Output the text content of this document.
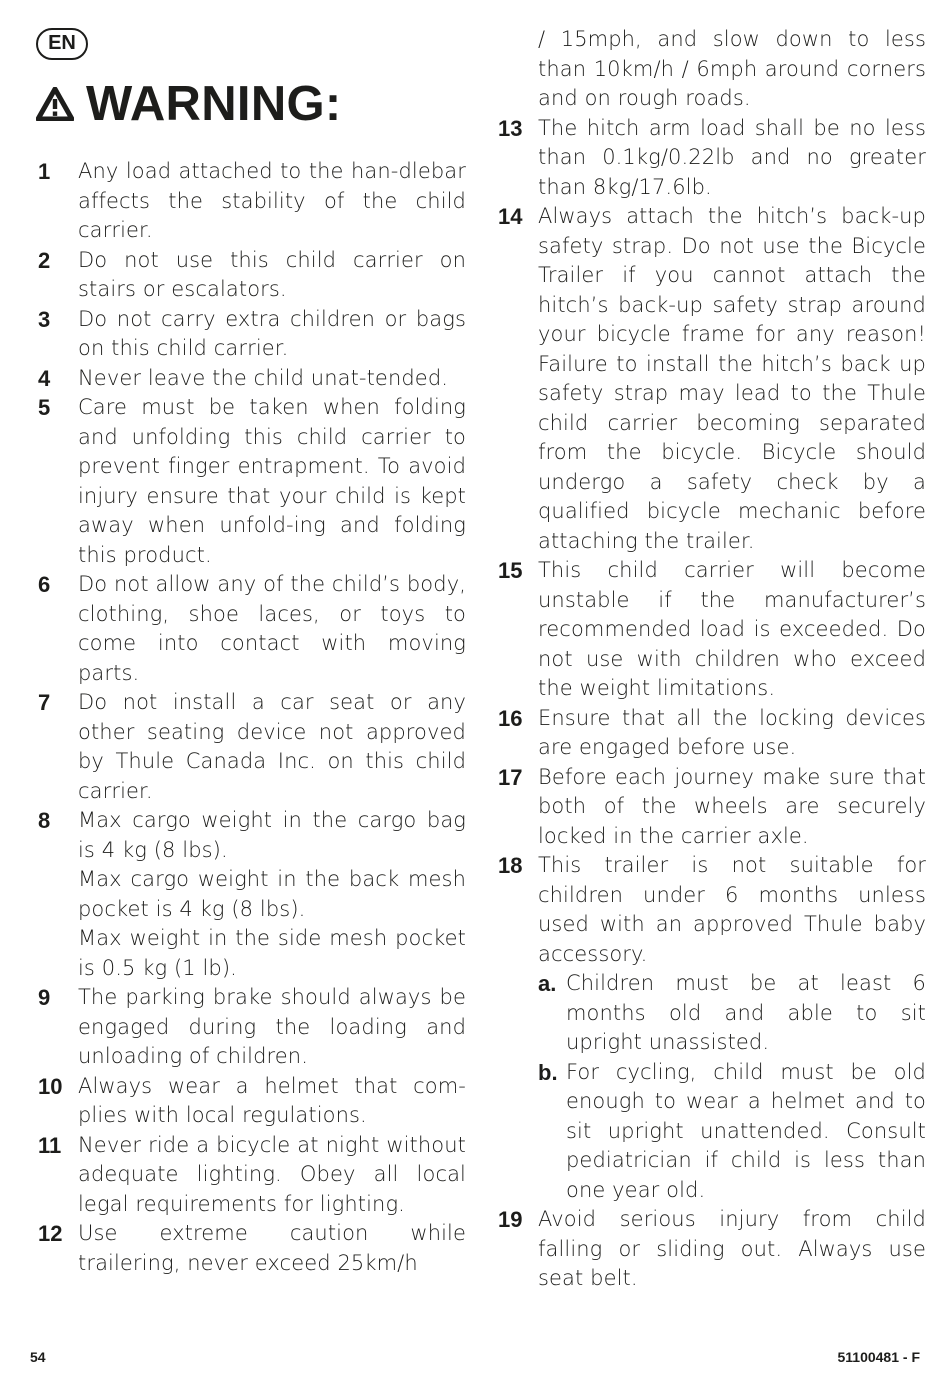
EN
WARNING:
1	Any load attached to the han-dlebar affects the stability of the child carrier.

2	Do not use this child carrier on stairs or escalators.

3	Do not carry extra children or bags on this child carrier.

4	Never leave the child unat-tended.

5	Care must be taken when folding and unfolding this child carrier to prevent finger entrapment. To avoid injury ensure that your child is kept away when unfold-ing and folding this product.

6	Do not allow any of the child’s body, clothing, shoe laces, or toys to come into contact with moving parts.

7	Do not install a car seat or any other seating device not approved by Thule Canada Inc. on this child carrier.

8	Max cargo weight in the cargo bag is 4 kg (8 lbs).

Max cargo weight in the back mesh pocket is 4 kg (8 lbs).

Max weight in the side mesh pocket is 0.5 kg (1 lb).

9	The parking brake should always be engaged during the loading and unloading of children.

10 Always wear a helmet that com-plies with local regulations.

11 Never ride a bicycle at night without adequate lighting. Obey all local legal requirements for lighting.

12 Use extreme caution while trailering, never exceed 25km/h

/ 15mph, and slow down to less than 10km/h / 6mph around corners and on rough roads.

13 The hitch arm load shall be no less than 0.1kg/0.22lb and no greater than 8kg/17.6lb.

14 Always attach the hitch’s back-up safety strap. Do not use the Bicycle Trailer if you cannot attach the hitch’s back-up safety strap around your bicycle frame for any reason! Failure to install the hitch’s back up safety strap may lead to the Thule child carrier becoming separated from the bicycle. Bicycle should undergo a safety check by a qualified bicycle mechanic before attaching the trailer.

15 This child carrier will become unstable if the manufacturer’s recommended load is exceeded. Do not use with children who exceed the weight limitations.

16 Ensure that all the locking devices are engaged before use.

17 Before each journey make sure that both of the wheels are securely locked in the carrier axle.

18 This trailer is not suitable for children under 6 months unless used with an approved Thule baby accessory.

a. Children must be at least 6 months old and able to sit upright unassisted.

b. For cycling, child must be old enough to wear a helmet and to sit upright unattended. Consult pediatrician if child is less than one year old.

19 Avoid serious injury from child falling or sliding out. Always use seat belt.

54	51100481 - F
